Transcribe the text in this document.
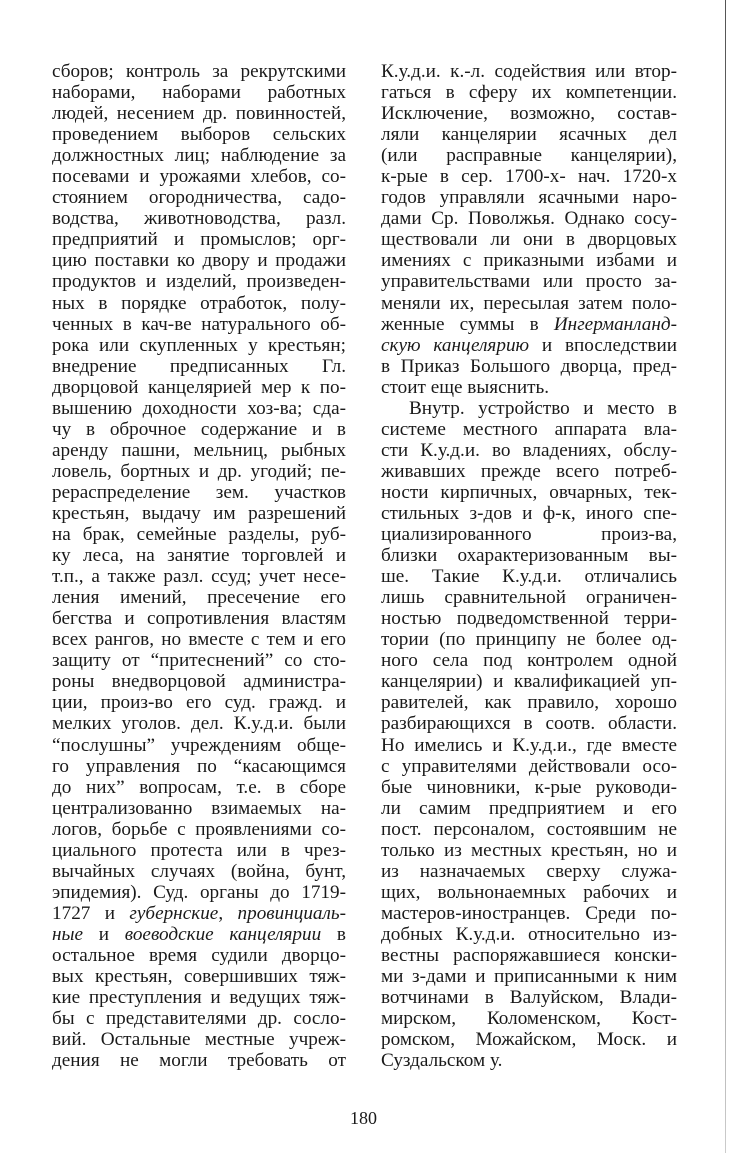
сборов; контроль за рекрутскими
наборами, наборами работных
людей, несением др. повинностей,
проведением выборов сельских
должностных лиц; наблюдение за
посевами и урожаями хлебов, со-
стоянием огородничества, садо-
водства, животноводства, разл.
предприятий и промыслов; орг-
цию поставки ко двору и продажи
продуктов и изделий, произведен-
ных в порядке отработок, полу-
ченных в кач-ве натурального об-
рока или скупленных у крестьян;
внедрение предписанных Гл.
дворцовой канцелярией мер к по-
вышению доходности хоз-ва; сда-
чу в оброчное содержание и в
аренду пашни, мельниц, рыбных
ловель, бортных и др. угодий; пе-
рераспределение зем. участков
крестьян, выдачу им разрешений
на брак, семейные разделы, руб-
ку леса, на занятие торговлей и
т.п., а также разл. ссуд; учет несе-
ления имений, пресечение его
бегства и сопротивления властям
всех рангов, но вместе с тем и его
защиту от “притеснений” со сто-
роны внедворцовой администра-
ции, произ-во его суд. гражд. и
мелких уголов. дел. К.у.д.и. были
“послушны” учреждениям обще-
го управления по “касающимся
до них” вопросам, т.е. в сборе
централизованно взимаемых на-
логов, борьбе с проявлениями со-
циального протеста или в чрез-
вычайных случаях (война, бунт,
эпидемия). Суд. органы до 1719-
1727 и губернские, провинциаль-
ные и воеводские канцелярии в
остальное время судили дворцо-
вых крестьян, совершивших тяж-
кие преступления и ведущих тяж-
бы с представителями др. сосло-
вий. Остальные местные учреж-
дения не могли требовать от
К.у.д.и. к.-л. содействия или втор-
гаться в сферу их компетенции.
Исключение, возможно, состав-
ляли канцелярии ясачных дел
(или расправные канцелярии),
к-рые в сер. 1700-х- нач. 1720-х
годов управляли ясачными наро-
дами Ср. Поволжья. Однако сосу-
ществовали ли они в дворцовых
имениях с приказными избами и
управительствами или просто за-
меняли их, пересылая затем поло-
женные суммы в Ингерманланд-
скую канцелярию и впоследствии
в Приказ Большого дворца, пред-
стоит еще выяснить.
Внутр. устройство и место в
системе местного аппарата вла-
сти К.у.д.и. во владениях, обслу-
живавших прежде всего потреб-
ности кирпичных, овчарных, тек-
стильных з-дов и ф-к, иного спе-
циализированного произ-ва,
близки охарактеризованным вы-
ше. Такие К.у.д.и. отличались
лишь сравнительной ограничен-
ностью подведомственной терри-
тории (по принципу не более од-
ного села под контролем одной
канцелярии) и квалификацией уп-
равителей, как правило, хорошо
разбирающихся в соотв. области.
Но имелись и К.у.д.и., где вместе
с управителями действовали осо-
бые чиновники, к-рые руководи-
ли самим предприятием и его
пост. персоналом, состоявшим не
только из местных крестьян, но и
из назначаемых сверху служа-
щих, вольнонаемных рабочих и
мастеров-иностранцев. Среди по-
добных К.у.д.и. относительно из-
вестны распоряжавшиеся конски-
ми з-дами и приписанными к ним
вотчинами в Валуйском, Влади-
мирском, Коломенском, Кост-
ромском, Можайском, Моск. и
Суздальском у.
180
